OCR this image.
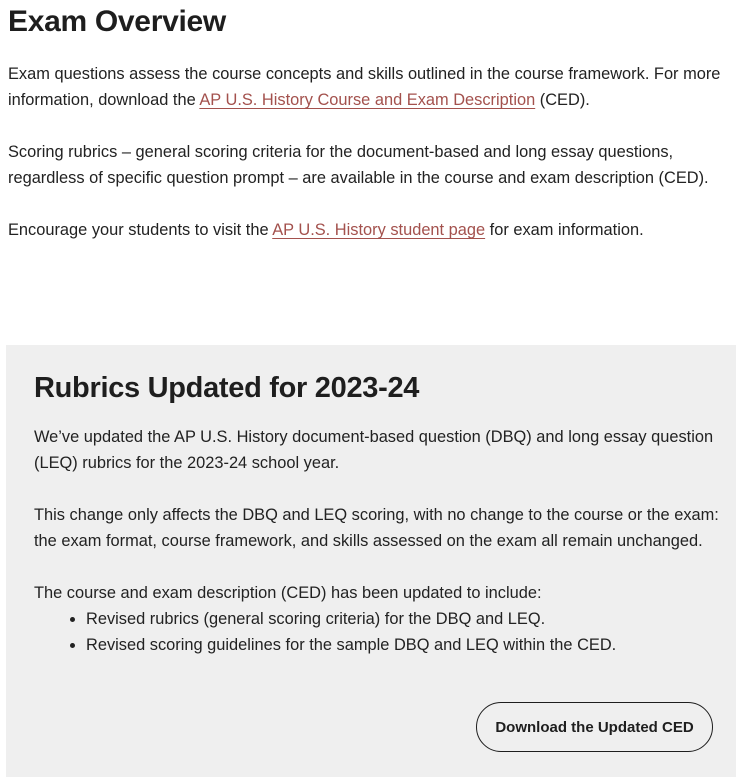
Exam Overview

Exam questions assess the course concepts and skills outlined in the course framework. For more information, download the AP U.S. History Course and Exam Description (CED).

Scoring rubrics – general scoring criteria for the document-based and long essay questions, regardless of specific question prompt – are available in the course and exam description (CED).

Encourage your students to visit the AP U.S. History student page for exam information.

Rubrics Updated for 2023-24

We’ve updated the AP U.S. History document-based question (DBQ) and long essay question (LEQ) rubrics for the 2023-24 school year.

This change only affects the DBQ and LEQ scoring, with no change to the course or the exam: the exam format, course framework, and skills assessed on the exam all remain unchanged.

The course and exam description (CED) has been updated to include:

• Revised rubrics (general scoring criteria) for the DBQ and LEQ.
• Revised scoring guidelines for the sample DBQ and LEQ within the CED.
Download the Updated CED
